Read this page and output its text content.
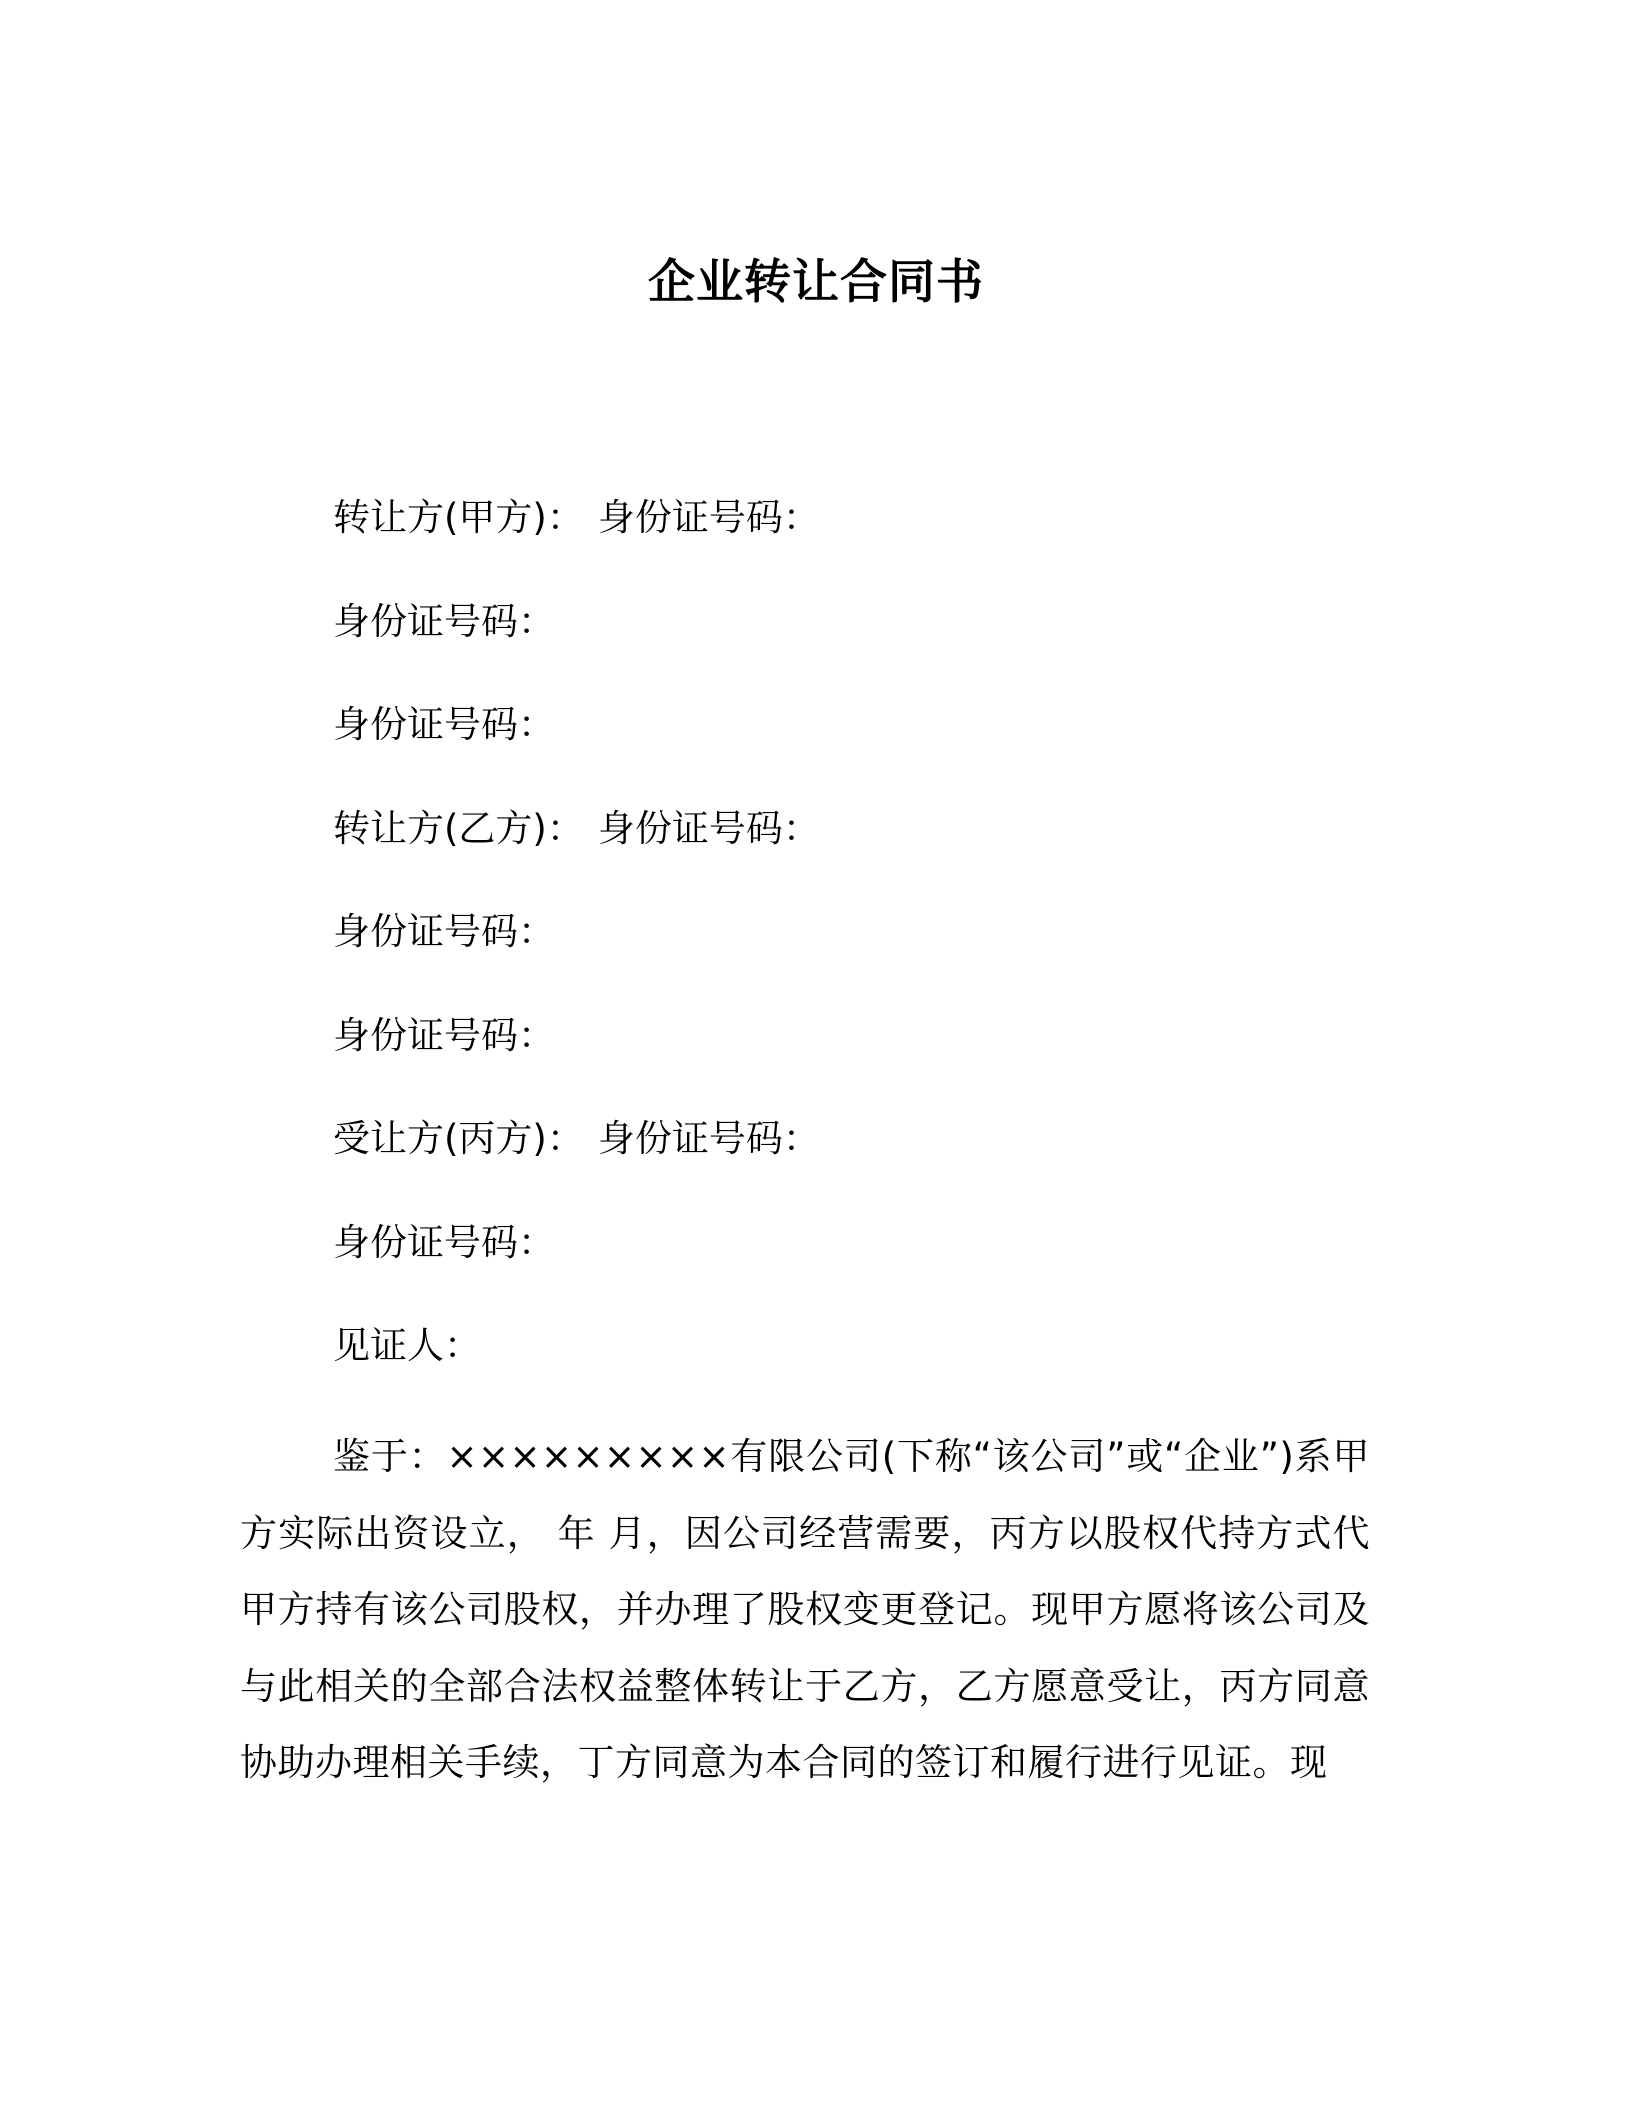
企业转让合同书
转让方(甲方)： 身份证号码：
身份证号码：
身份证号码：
转让方(乙方)： 身份证号码：
身份证号码：
身份证号码：
受让方(丙方)： 身份证号码：
身份证号码：
见证人：

鉴于：×××××××××有限公司(下称“该公司”或“企业”)系甲方实际出资设立， 年 月，因公司经营需要，丙方以股权代持方式代甲方持有该公司股权，并办理了股权变更登记。现甲方愿将该公司及与此相关的全部合法权益整体转让于乙方，乙方愿意受让，丙方同意协助办理相关手续，丁方同意为本合同的签订和履行进行见证。现
